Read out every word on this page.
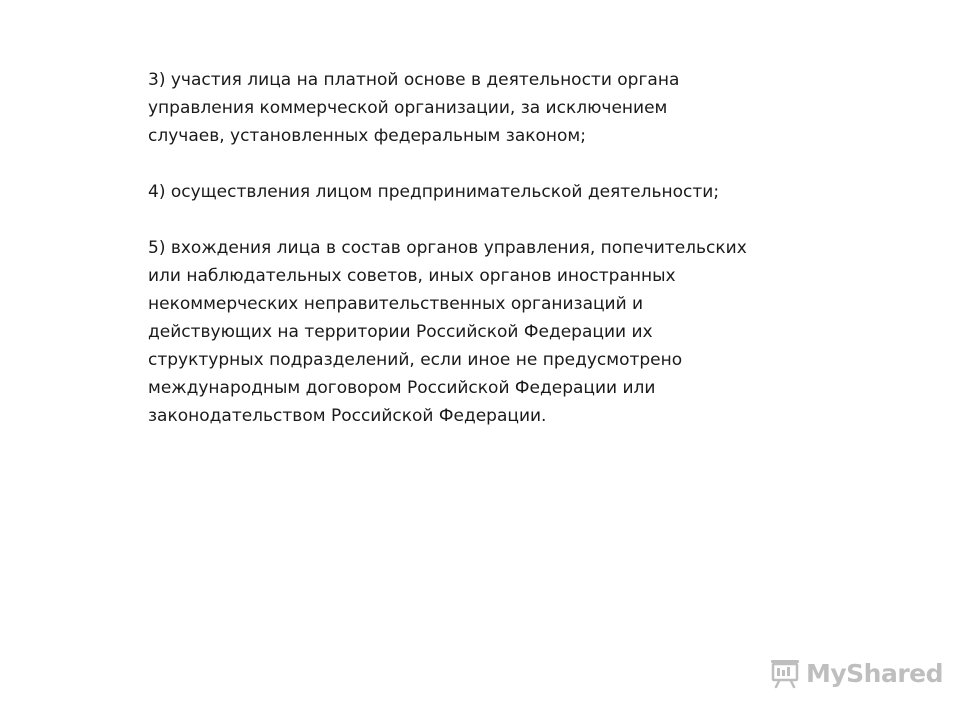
3) участия лица на платной основе в деятельности органа
управления коммерческой организации, за исключением
случаев, установленных федеральным законом;

4) осуществления лицом предпринимательской деятельности;

5) вхождения лица в состав органов управления, попечительских
или наблюдательных советов, иных органов иностранных
некоммерческих неправительственных организаций и
действующих на территории Российской Федерации их
структурных подразделений, если иное не предусмотрено
международным договором Российской Федерации или
законодательством Российской Федерации.

MyShared
